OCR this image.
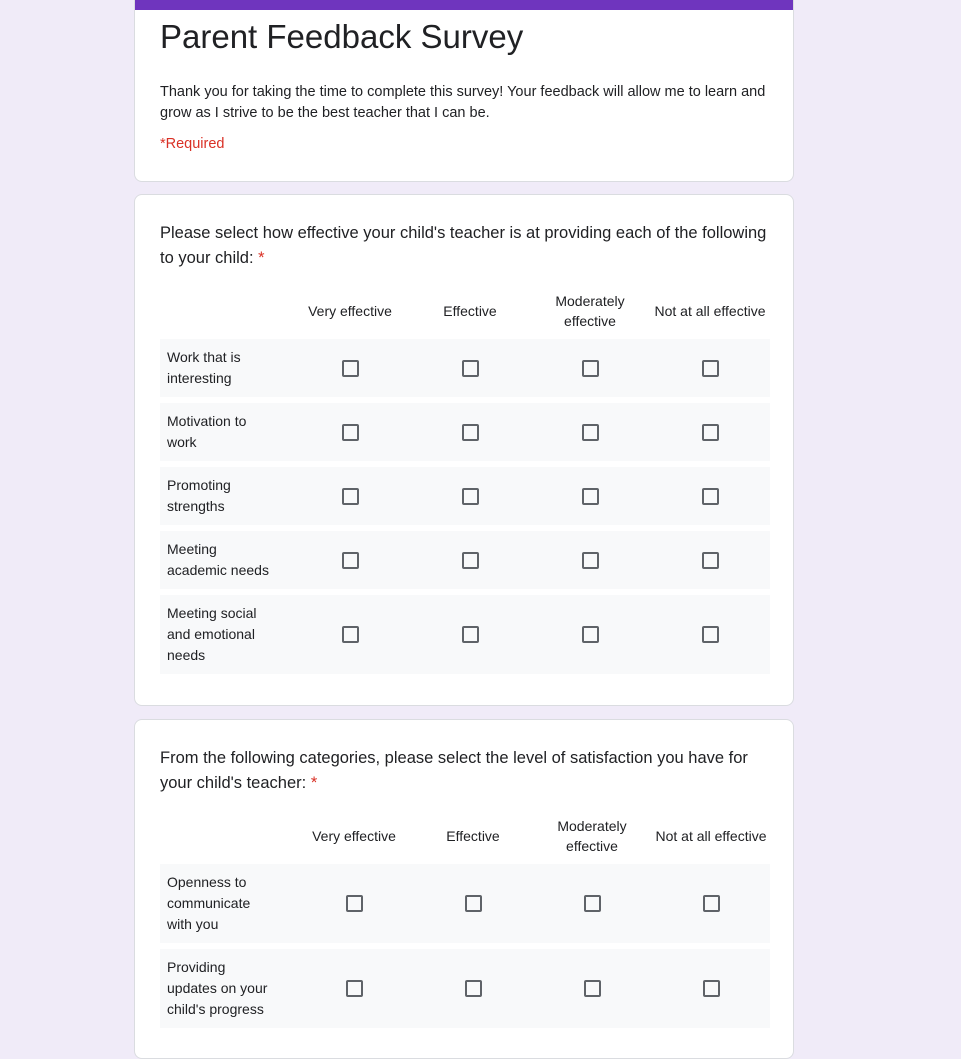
Parent Feedback Survey
Thank you for taking the time to complete this survey! Your feedback will allow me to learn and grow as I strive to be the best teacher that I can be.
*Required
Please select how effective your child's teacher is at providing each of the following to your child: *
Very effective	Effective
Moderately effective
Not at all effective
Work that is interesting
Motivation to work
Promoting strengths
Meeting academic needs
Meeting social and emotional needs
From the following categories, please select the level of satisfaction you have for your child's teacher: *
Very effective	Effective
Moderately effective
Not at all effective
Openness to communicate with you
Providing updates on your child's progress
